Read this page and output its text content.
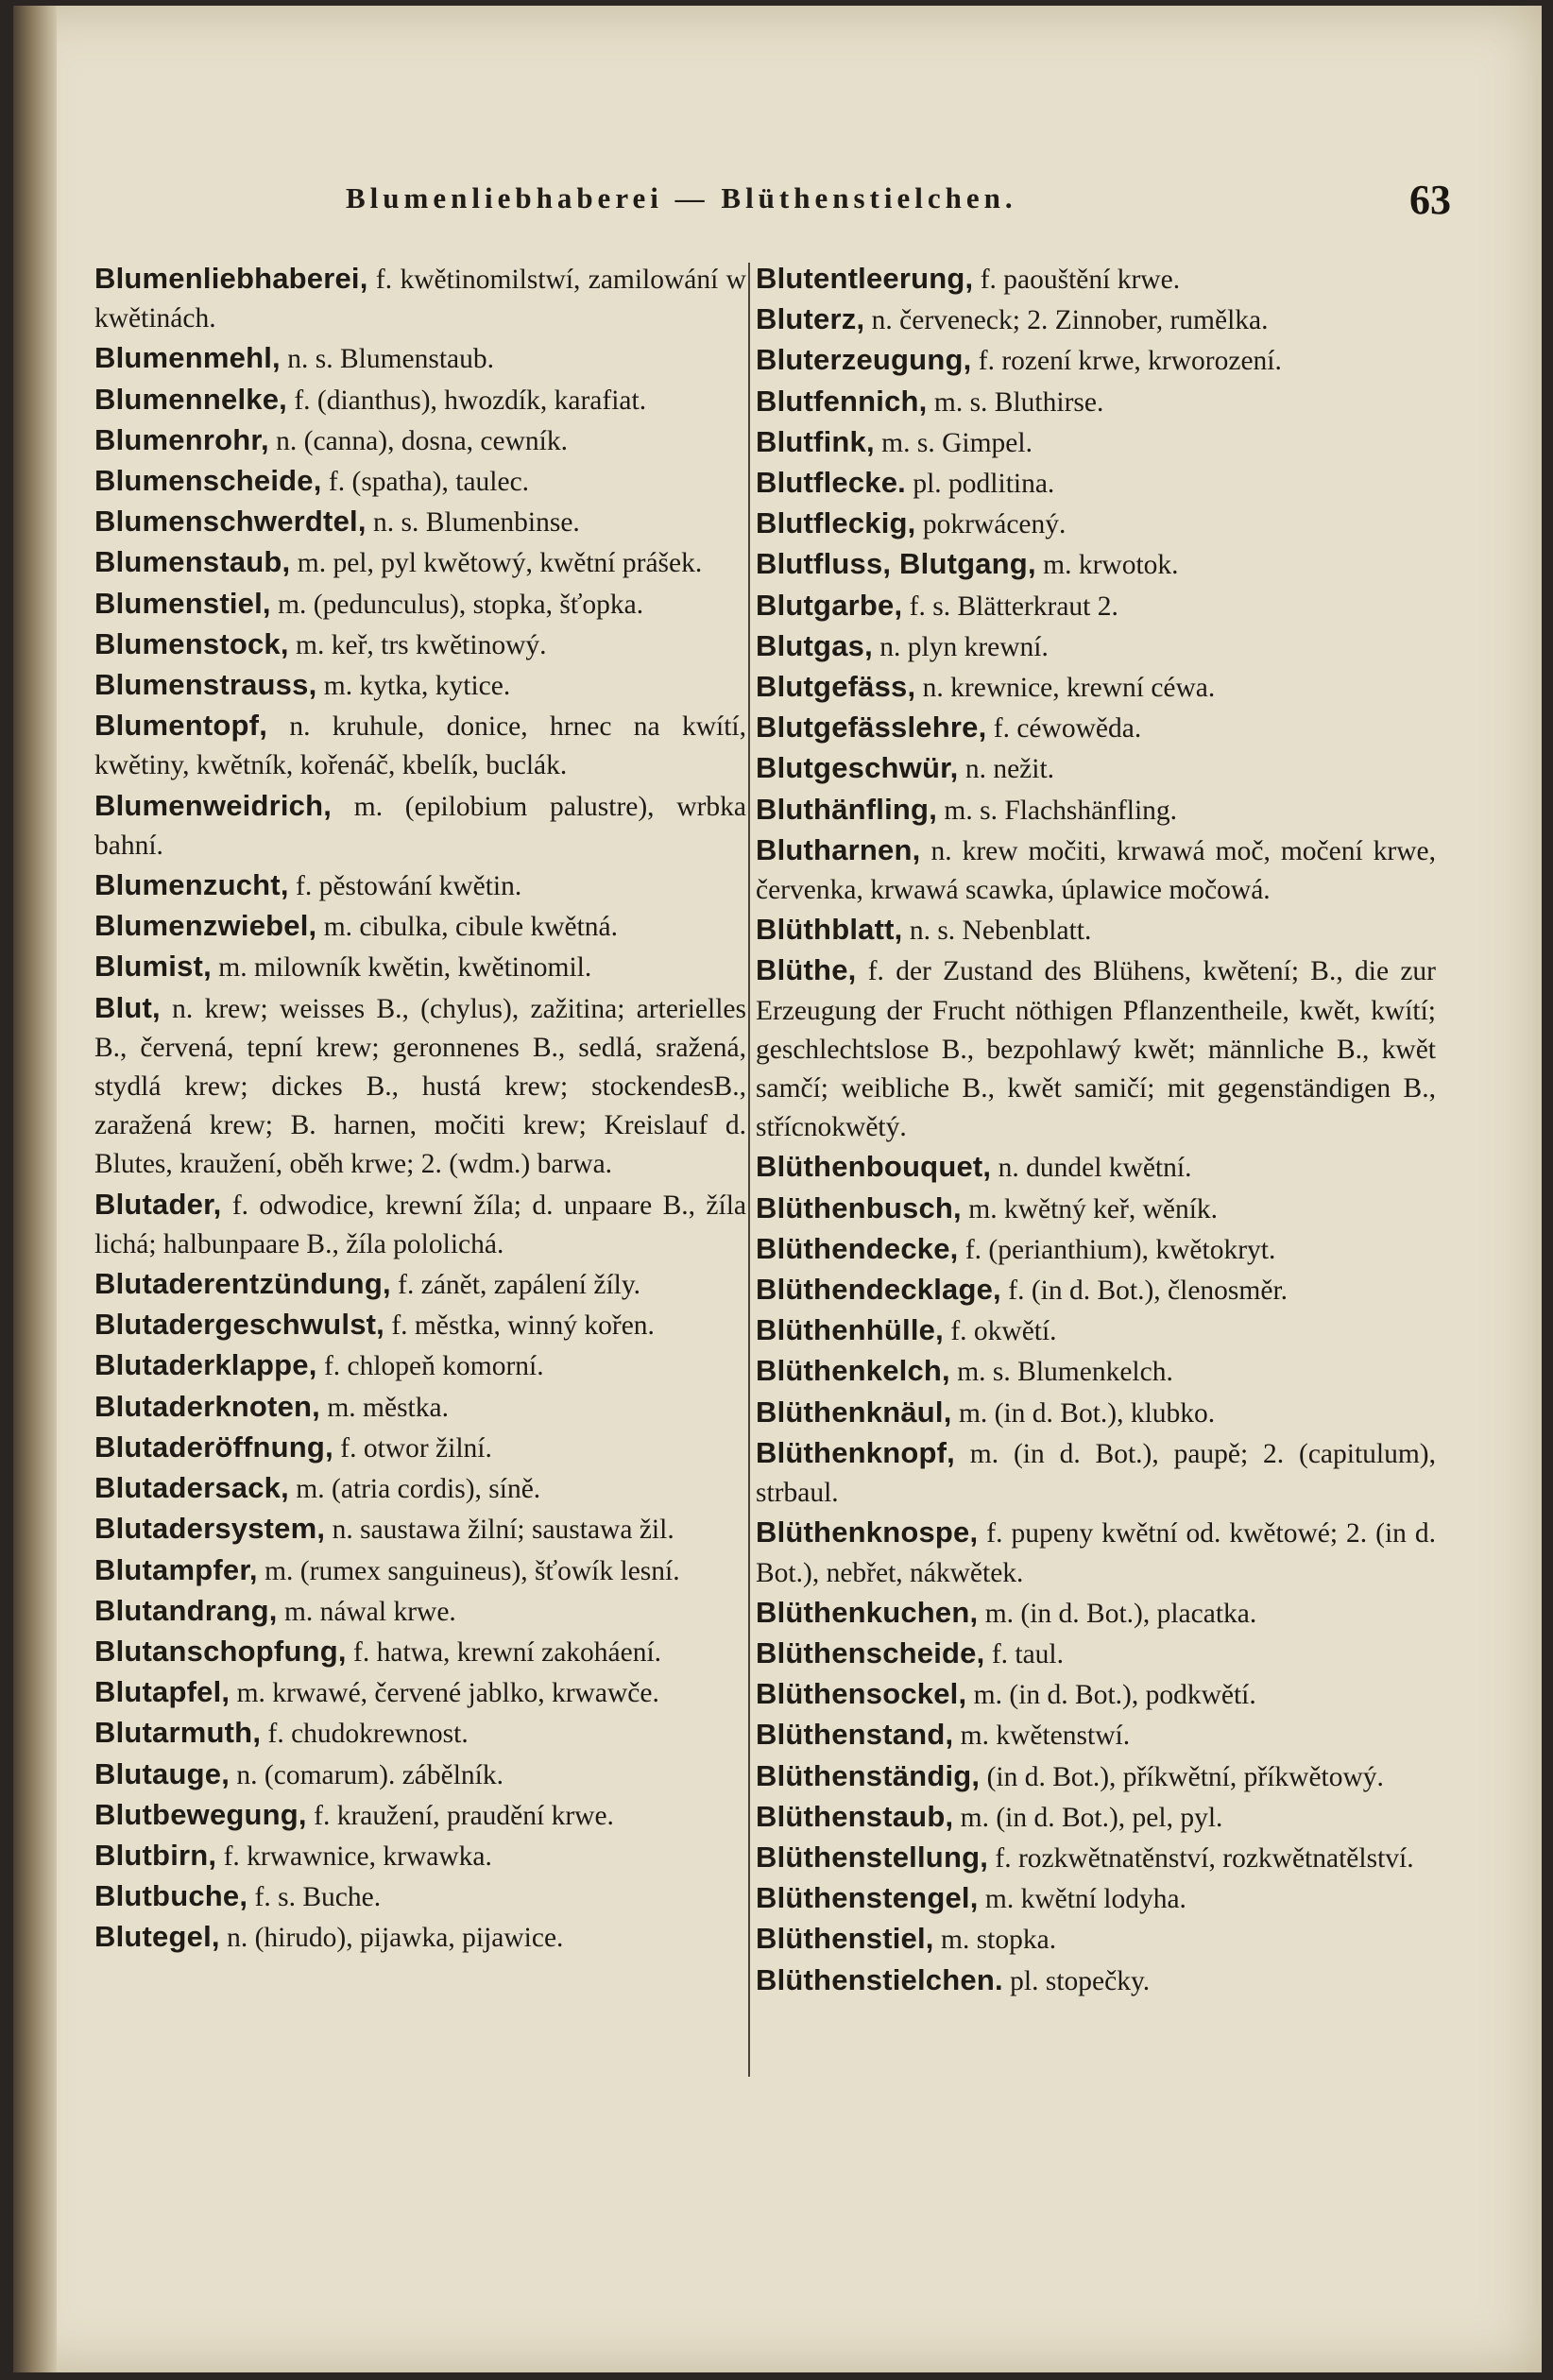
Blumenliebhaberei — Blüthenstielchen.	63
Blumenliebhaberei, f. kwětinomilstwí, zamilowání w kwětinách.
Blumenmehl, n. s. Blumenstaub.
Blumennelke, f. (dianthus), hwozdík, karafiat.
Blumenrohr, n. (canna), dosna, cewník.
Blumenscheide, f. (spatha), taulec.
Blumenschwerdtel, n. s. Blumenbinse.
Blumenstaub, m. pel, pyl kwětowý, kwětní prášek.
Blumenstiel, m. (pedunculus), stopka, šťopka.
Blumenstock, m. keř, trs kwětinowý.
Blumenstrauss, m. kytka, kytice.
Blumentopf, n. kruhule, donice, hrnec na kwítí, kwětiny, kwětník, kořenáč, kbelík, buclák.
Blumenweidrich, m. (epilobium palustre), wrbka bahní.
Blumenzucht, f. pěstowání kwětin.
Blumenzwiebel, m. cibulka, cibule kwětná.
Blumist, m. milowník kwětin, kwětinomil.
Blut, n. krew; weisses B., (chylus), zažitina; arterielles B., červená, tepní krew; geronnenes B., sedlá, sražená, stydlá krew; dickes B., hustá krew; stockendesB., zaražená krew; B. harnen, močiti krew; Kreislauf d. Blutes, kraužení, oběh krwe; 2. (wdm.) barwa.
Blutader, f. odwodice, krewní žíla; d. unpaare B., žíla lichá; halbunpaare B., žíla pololichá.
Blutaderentzündung, f. zánět, zapálení žíly.
Blutadergeschwulst, f. městka, winný kořen.
Blutaderklappe, f. chlopeň komorní.
Blutaderknoten, m. městka.
Blutaderöffnung, f. otwor žilní.
Blutadersack, m. (atria cordis), síně.
Blutadersystem, n. saustawa žilní; saustawa žil.
Blutampfer, m. (rumex sanguineus), šťowík lesní.
Blutandrang, m. náwal krwe.
Blutanschopfung, f. hatwa, krewní zakoháení.
Blutapfel, m. krwawé, červené jablko, krwawče.
Blutarmuth, f. chudokrewnost.
Blutauge, n. (comarum). zábělník.
Blutbewegung, f. kraužení, praudění krwe.
Blutbirn, f. krwawnice, krwawka.
Blutbuche, f. s. Buche.
Blutegel, n. (hirudo), pijawka, pijawice.
Blutentleerung, f. paouštění krwe.
Bluterz, n. červeneck; 2. Zinnober, rumělka.
Bluterzeugung, f. rození krwe, krworození.
Blutfennich, m. s. Bluthirse.
Blutfink, m. s. Gimpel.
Blutflecke. pl. podlitina.
Blutfleckig, pokrwácený.
Blutfluss, Blutgang, m. krwotok.
Blutgarbe, f. s. Blätterkraut 2.
Blutgas, n. plyn krewní.
Blutgefäss, n. krewnice, krewní céwa.
Blutgefässlehre, f. céwowěda.
Blutgeschwür, n. nežit.
Bluthänfling, m. s. Flachshänfling.
Blutharnen, n. krew močiti, krwawá moč, močení krwe, červenka, krwawá scawka, úplawice močowá.
Blüthblatt, n. s. Nebenblatt.
Blüthe, f. der Zustand des Blühens, kwětení; B., die zur Erzeugung der Frucht nöthigen Pflanzentheile, kwět, kwítí; geschlechtslose B., bezpohlawý kwět; männliche B., kwět samčí; weibliche B., kwět samičí; mit gegenständigen B., střícnokwětý.
Blüthenbouquet, n. dundel kwětní.
Blüthenbusch, m. kwětný keř, wěník.
Blüthendecke, f. (perianthium), kwětokryt.
Blüthendecklage, f. (in d. Bot.), členosměr.
Blüthenhülle, f. okwětí.
Blüthenkelch, m. s. Blumenkelch.
Blüthenknäul, m. (in d. Bot.), klubko.
Blüthenknopf, m. (in d. Bot.), paupě; 2. (capitulum), strbaul.
Blüthenknospe, f. pupeny kwětní od. kwětowé; 2. (in d. Bot.), nebřet, nákwětek.
Blüthenkuchen, m. (in d. Bot.), placatka.
Blüthenscheide, f. taul.
Blüthensockel, m. (in d. Bot.), podkwětí.
Blüthenstand, m. kwětenstwí.
Blüthenständig, (in d. Bot.), příkwětní, příkwětowý.
Blüthenstaub, m. (in d. Bot.), pel, pyl.
Blüthenstellung, f. rozkwětnatěnství, rozkwětnatělství.
Blüthenstengel, m. kwětní lodyha.
Blüthenstiel, m. stopka.
Blüthenstielchen. pl. stopečky.
